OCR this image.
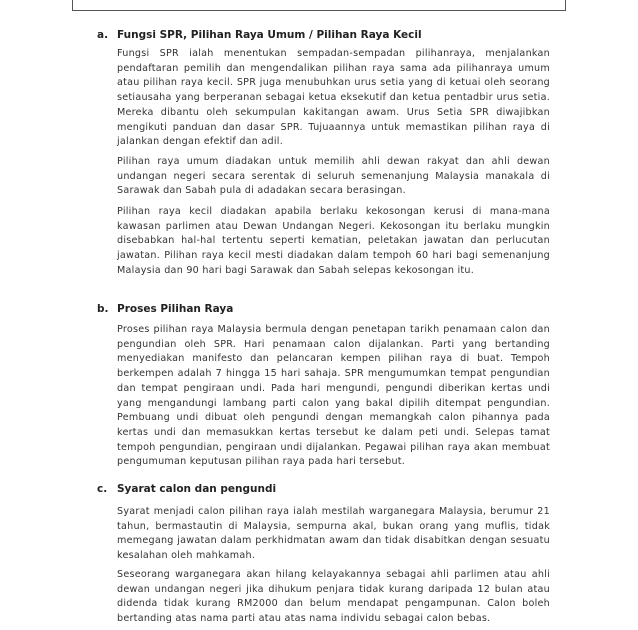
a. Fungsi SPR, Pilihan Raya Umum / Pilihan Raya Kecil

Fungsi SPR ialah menentukan sempadan-sempadan pilihanraya, menjalankan pendaftaran pemilih dan mengendalikan pilihan raya sama ada pilihanraya umum atau pilihan raya kecil. SPR juga menubuhkan urus setia yang di ketuai oleh seorang setiausaha yang berperanan sebagai ketua eksekutif dan ketua pentadbir urus setia. Mereka dibantu oleh sekumpulan kakitangan awam. Urus Setia SPR diwajibkan mengikuti panduan dan dasar SPR. Tujuaannya untuk memastikan pilihan raya di jalankan dengan efektif dan adil.

Pilihan raya umum diadakan untuk memilih ahli dewan rakyat dan ahli dewan undangan negeri secara serentak di seluruh semenanjung Malaysia manakala di Sarawak dan Sabah pula di adadakan secara berasingan.

Pilihan raya kecil diadakan apabila berlaku kekosongan kerusi di mana-mana kawasan parlimen atau Dewan Undangan Negeri. Kekosongan itu berlaku mungkin disebabkan hal-hal tertentu seperti kematian, peletakan jawatan dan perlucutan jawatan. Pilihan raya kecil mesti diadakan dalam tempoh 60 hari bagi semenanjung Malaysia dan 90 hari bagi Sarawak dan Sabah selepas kekosongan itu.

b. Proses Pilihan Raya

Proses pilihan raya Malaysia bermula dengan penetapan tarikh penamaan calon dan pengundian oleh SPR. Hari penamaan calon dijalankan. Parti yang bertanding menyediakan manifesto dan pelancaran kempen pilihan raya di buat. Tempoh berkempen adalah 7 hingga 15 hari sahaja. SPR mengumumkan tempat pengundian dan tempat pengiraan undi. Pada hari mengundi, pengundi diberikan kertas undi yang mengandungi lambang parti calon yang bakal dipilih ditempat pengundian. Pembuang undi dibuat oleh pengundi dengan memangkah calon pihannya pada kertas undi dan memasukkan kertas tersebut ke dalam peti undi. Selepas tamat tempoh pengundian, pengiraan undi dijalankan. Pegawai pilihan raya akan membuat pengumuman keputusan pilihan raya pada hari tersebut.

c. Syarat calon dan pengundi

Syarat menjadi calon pilihan raya ialah mestilah warganegara Malaysia, berumur 21 tahun, bermastautin di Malaysia, sempurna akal, bukan orang yang muflis, tidak memegang jawatan dalam perkhidmatan awam dan tidak disabitkan dengan sesuatu kesalahan oleh mahkamah.

Seseorang warganegara akan hilang kelayakannya sebagai ahli parlimen atau ahli dewan undangan negeri jika dihukum penjara tidak kurang daripada 12 bulan atau didenda tidak kurang RM2000 dan belum mendapat pengampunan. Calon boleh bertanding atas nama parti atau atas nama individu sebagai calon bebas.
